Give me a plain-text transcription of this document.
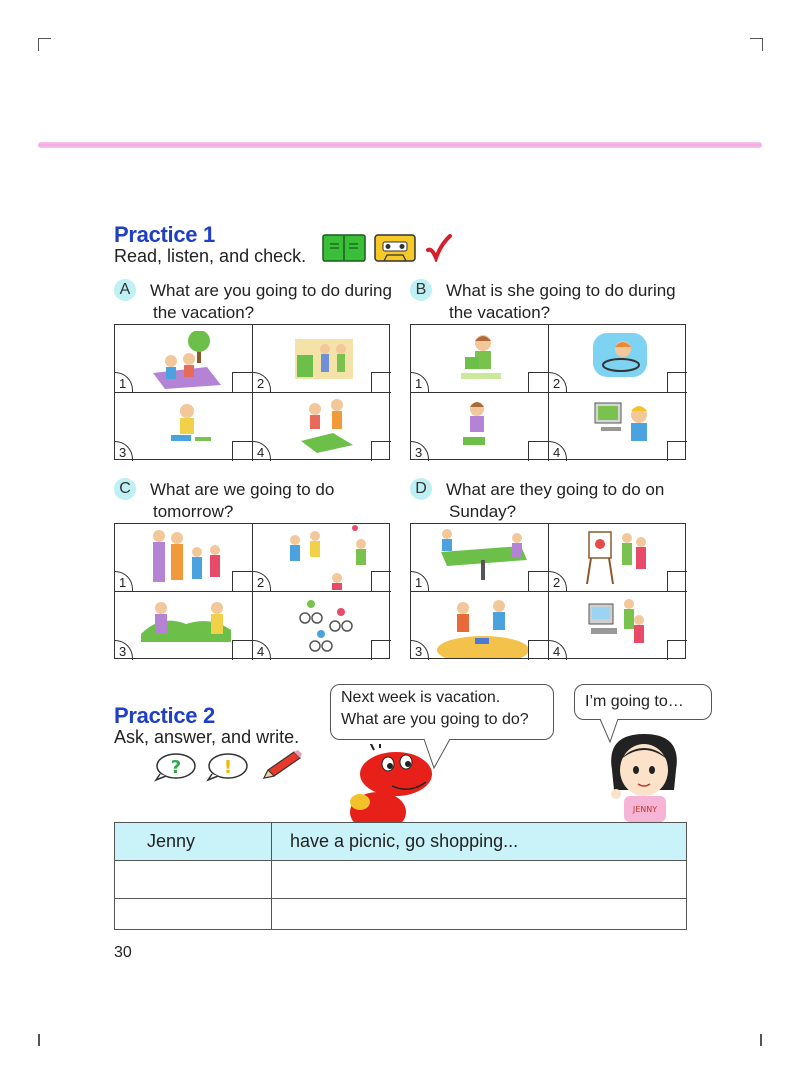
Practice 1
Read, listen, and check.
A	What are you going to do during
the vacation?
1	2
3	4
B	What is she going to do during
the vacation?
1	2
3	4
C	What are we going to do
tomorrow?
1	2
3	4
D	What are they going to do on
Sunday?
1	2
3	4
Practice 2
Ask, answer, and write.
? !
Next week is vacation.
What are you going to do?
I’m going to…
JENNY
Jenny	have a picnic, go shopping...

30
